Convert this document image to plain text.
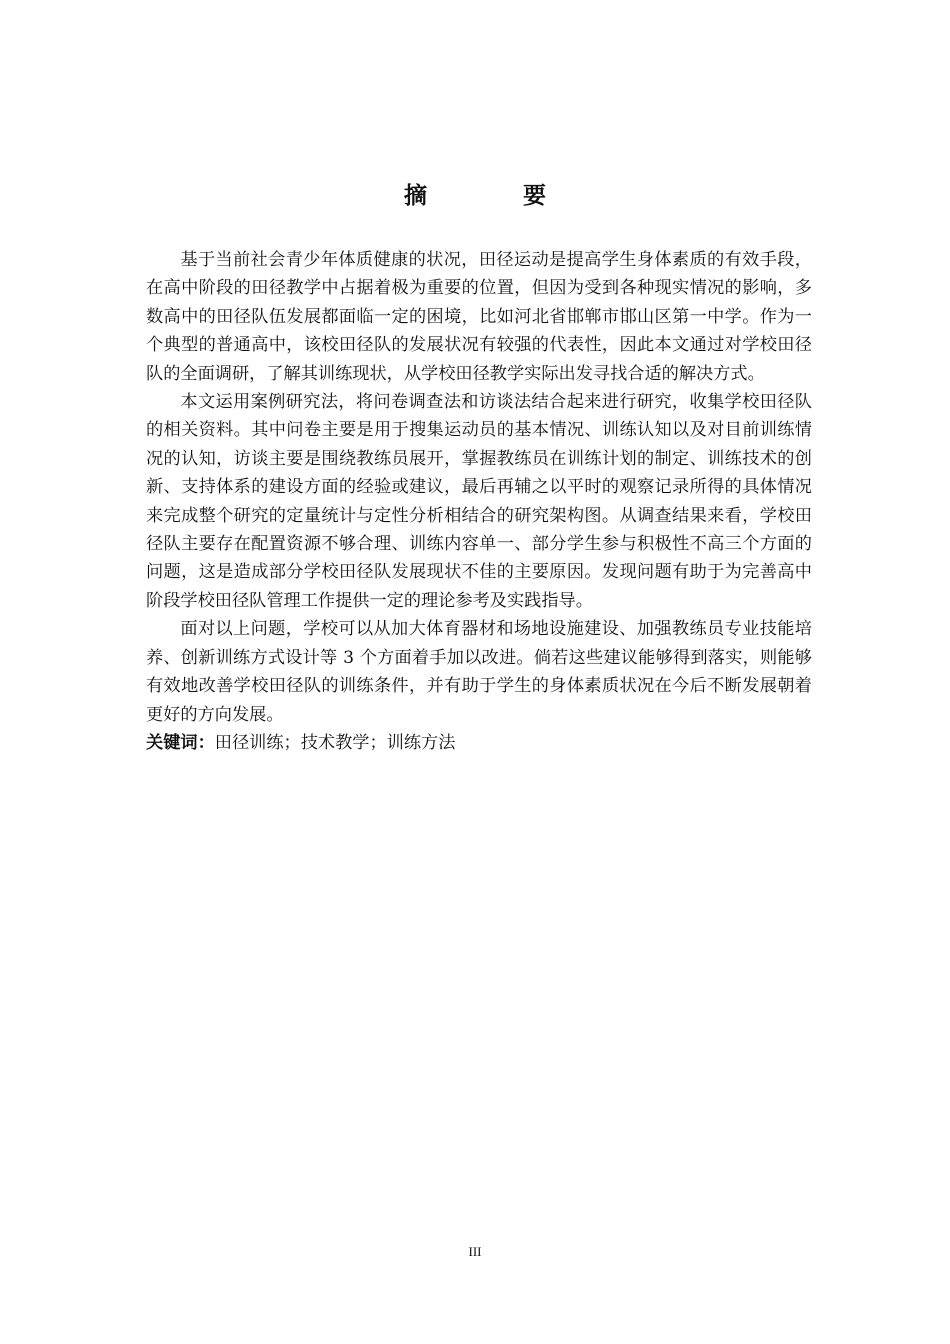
摘 要

基于当前社会青少年体质健康的状况，田径运动是提高学生身体素质的有效手段，在高中阶段的田径教学中占据着极为重要的位置，但因为受到各种现实情况的影响，多数高中的田径队伍发展都面临一定的困境，比如河北省邯郸市邯山区第一中学。作为一个典型的普通高中，该校田径队的发展状况有较强的代表性，因此本文通过对学校田径队的全面调研，了解其训练现状，从学校田径教学实际出发寻找合适的解决方式。

本文运用案例研究法，将问卷调查法和访谈法结合起来进行研究，收集学校田径队的相关资料。其中问卷主要是用于搜集运动员的基本情况、训练认知以及对目前训练情况的认知，访谈主要是围绕教练员展开，掌握教练员在训练计划的制定、训练技术的创新、支持体系的建设方面的经验或建议，最后再辅之以平时的观察记录所得的具体情况来完成整个研究的定量统计与定性分析相结合的研究架构图。从调查结果来看，学校田径队主要存在配置资源不够合理、训练内容单一、部分学生参与积极性不高三个方面的问题，这是造成部分学校田径队发展现状不佳的主要原因。发现问题有助于为完善高中阶段学校田径队管理工作提供一定的理论参考及实践指导。

面对以上问题，学校可以从加大体育器材和场地设施建设、加强教练员专业技能培养、创新训练方式设计等 3 个方面着手加以改进。倘若这些建议能够得到落实，则能够有效地改善学校田径队的训练条件，并有助于学生的身体素质状况在今后不断发展朝着更好的方向发展。

关键词：田径训练；技术教学；训练方法

III
